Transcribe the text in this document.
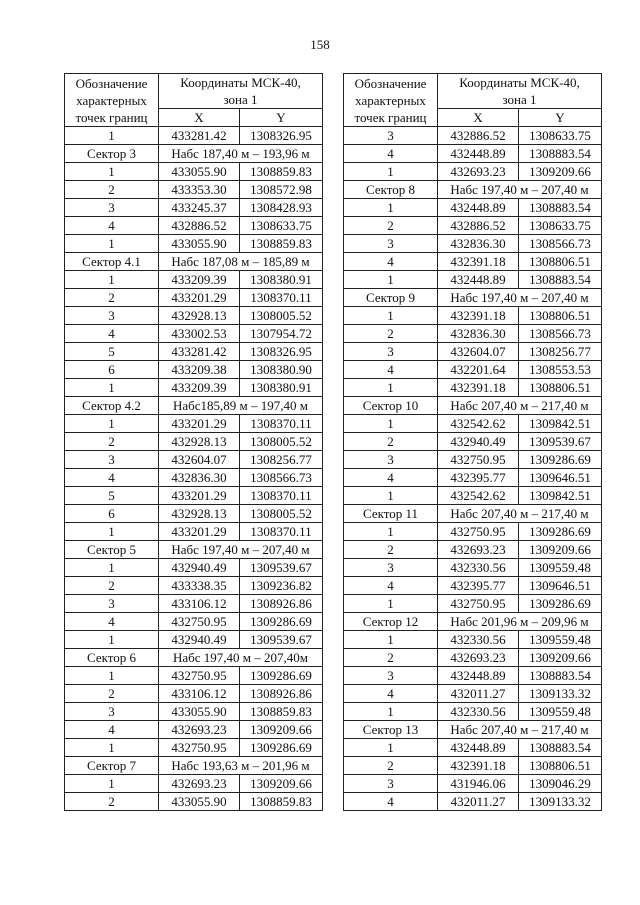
158
Обозначение
характерных
точек границ	Координаты МСК-40,
зона 1	

	X	Y
1	433281.42	1308326.95
Сектор 3	Набс 187,40 м – 193,96 м	
1	433055.90	1308859.83
2	433353.30	1308572.98
3	433245.37	1308428.93
4	432886.52	1308633.75
1	433055.90	1308859.83
Сектор 4.1	Набс 187,08 м – 185,89 м	
1	433209.39	1308380.91
2	433201.29	1308370.11
3	432928.13	1308005.52
4	433002.53	1307954.72
5	433281.42	1308326.95
6	433209.38	1308380.90
1	433209.39	1308380.91
Сектор 4.2	Набс185,89 м – 197,40 м	
1	433201.29	1308370.11
2	432928.13	1308005.52
3	432604.07	1308256.77
4	432836.30	1308566.73
5	433201.29	1308370.11
6	432928.13	1308005.52
1	433201.29	1308370.11
Сектор 5	Набс 197,40 м – 207,40 м	
1	432940.49	1309539.67
2	433338.35	1309236.82
3	433106.12	1308926.86
4	432750.95	1309286.69
1	432940.49	1309539.67
Сектор 6	Набс 197,40 м – 207,40м	
1	432750.95	1309286.69
2	433106.12	1308926.86
3	433055.90	1308859.83
4	432693.23	1309209.66
1	432750.95	1309286.69
Сектор 7	Набс 193,63 м – 201,96 м	
1	432693.23	1309209.66
2	433055.90	1308859.83
Обозначение
характерных
точек границ	Координаты МСК-40,
зона 1	

	X	Y
3	432886.52	1308633.75
4	432448.89	1308883.54
1	432693.23	1309209.66
Сектор 8	Набс 197,40 м – 207,40 м	
1	432448.89	1308883.54
2	432886.52	1308633.75
3	432836.30	1308566.73
4	432391.18	1308806.51
1	432448.89	1308883.54
Сектор 9	Набс 197,40 м – 207,40 м	
1	432391.18	1308806.51
2	432836.30	1308566.73
3	432604.07	1308256.77
4	432201.64	1308553.53
1	432391.18	1308806.51
Сектор 10	Набс 207,40 м – 217,40 м	
1	432542.62	1309842.51
2	432940.49	1309539.67
3	432750.95	1309286.69
4	432395.77	1309646.51
1	432542.62	1309842.51
Сектор 11	Набс 207,40 м – 217,40 м	
1	432750.95	1309286.69
2	432693.23	1309209.66
3	432330.56	1309559.48
4	432395.77	1309646.51
1	432750.95	1309286.69
Сектор 12	Набс 201,96 м – 209,96 м	
1	432330.56	1309559.48
2	432693.23	1309209.66
3	432448.89	1308883.54
4	432011.27	1309133.32
1	432330.56	1309559.48
Сектор 13	Набс 207,40 м – 217,40 м	
1	432448.89	1308883.54
2	432391.18	1308806.51
3	431946.06	1309046.29
4	432011.27	1309133.32
